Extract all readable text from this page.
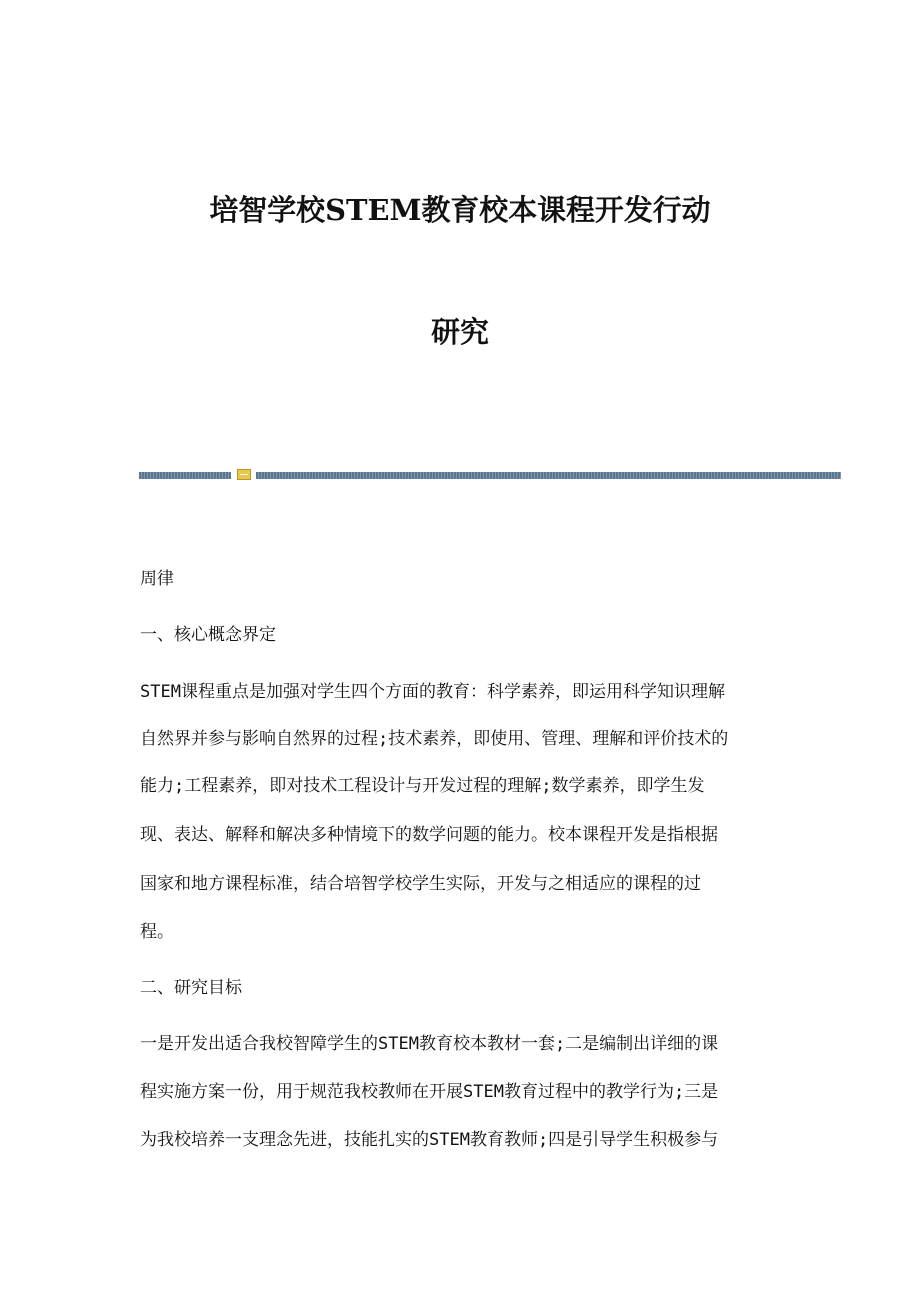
培智学校STEM教育校本课程开发行动
研究
周律
一、核心概念界定
STEM课程重点是加强对学生四个方面的教育：科学素养，即运用科学知识理解
自然界并参与影响自然界的过程;技术素养，即使用、管理、理解和评价技术的
能力;工程素养，即对技术工程设计与开发过程的理解;数学素养，即学生发
现、表达、解释和解决多种情境下的数学问题的能力。校本课程开发是指根据
国家和地方课程标准，结合培智学校学生实际，开发与之相适应的课程的过
程。
二、研究目标
一是开发出适合我校智障学生的STEM教育校本教材一套;二是编制出详细的课
程实施方案一份，用于规范我校教师在开展STEM教育过程中的教学行为;三是
为我校培养一支理念先进，技能扎实的STEM教育教师;四是引导学生积极参与
